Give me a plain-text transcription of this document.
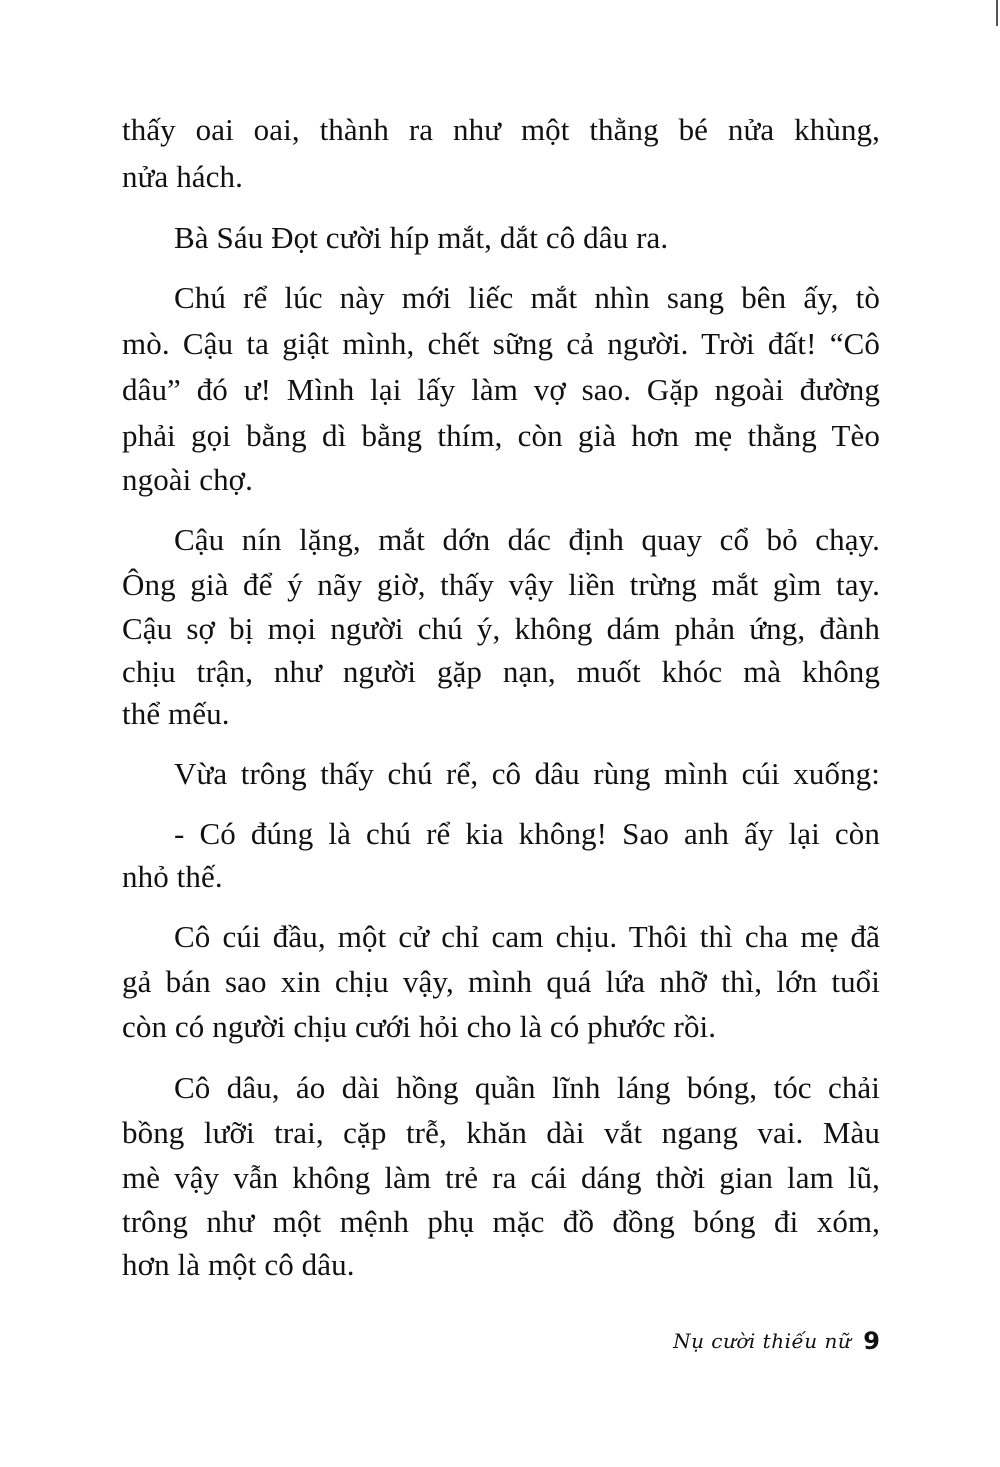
thấy oai oai, thành ra như một thằng bé nửa khùng,
nửa hách.
Bà Sáu Đọt cười híp mắt, dắt cô dâu ra.
Chú rể lúc này mới liếc mắt nhìn sang bên ấy, tò
mò. Cậu ta giật mình, chết sững cả người. Trời đất! “Cô
dâu” đó ư! Mình lại lấy làm vợ sao. Gặp ngoài đường
phải gọi bằng dì bằng thím, còn già hơn mẹ thằng Tèo
ngoài chợ.
Cậu nín lặng, mắt dớn dác định quay cổ bỏ chạy.
Ông già để ý nãy giờ, thấy vậy liền trừng mắt gìm tay.
Cậu sợ bị mọi người chú ý, không dám phản ứng, đành
chịu trận, như người gặp nạn, muốt khóc mà không
thể mếu.
Vừa trông thấy chú rể, cô dâu rùng mình cúi xuống:
- Có đúng là chú rể kia không! Sao anh ấy lại còn
nhỏ thế.
Cô cúi đầu, một cử chỉ cam chịu. Thôi thì cha mẹ đã
gả bán sao xin chịu vậy, mình quá lứa nhỡ thì, lớn tuổi
còn có người chịu cưới hỏi cho là có phước rồi.
Cô dâu, áo dài hồng quần lĩnh láng bóng, tóc chải
bồng lưỡi trai, cặp trễ, khăn dài vắt ngang vai. Màu
mè vậy vẫn không làm trẻ ra cái dáng thời gian lam lũ,
trông như một mệnh phụ mặc đồ đồng bóng đi xóm,
hơn là một cô dâu.
Nụ cười thiếu nữ 9
